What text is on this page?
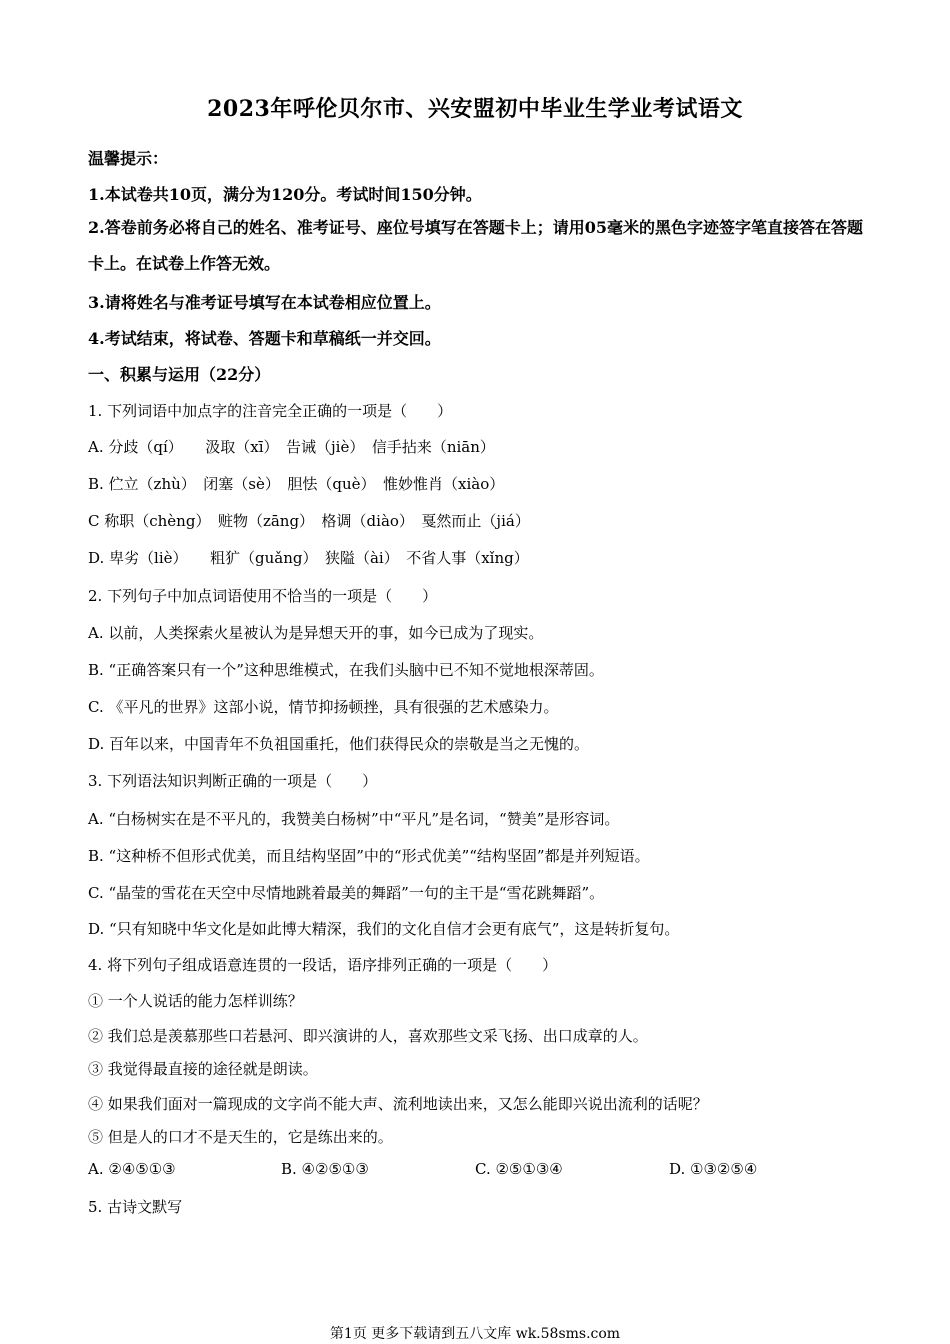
2023年呼伦贝尔市、兴安盟初中毕业生学业考试语文
温馨提示：
1.本试卷共10页，满分为120分。考试时间150分钟。
2.答卷前务必将自己的姓名、准考证号、座位号填写在答题卡上；请用05毫米的黑色字迹签字笔直接答在答题卡上。在试卷上作答无效。
3.请将姓名与准考证号填写在本试卷相应位置上。
4.考试结束，将试卷、答题卡和草稿纸一并交回。
一、积累与运用（22分）
1. 下列词语中加点字的注音完全正确的一项是（　　）
A. 分歧（qí）　　汲取（xī）　告诫（jiè）　信手拈来（niān）
B. 伫立（zhù）　闭塞（sè）　胆怯（què）　惟妙惟肖（xiào）
C 称职（chèng）　赃物（zāng）　格调（diào）　戛然而止（jiá）
D. 卑劣（liè）　　粗犷（guǎng）　狭隘（ài）　不省人事（xǐng）
2. 下列句子中加点词语使用不恰当的一项是（　　）
A. 以前，人类探索火星被认为是异想天开的事，如今已成为了现实。
B. “正确答案只有一个”这种思维模式，在我们头脑中已不知不觉地根深蒂固。
C. 《平凡的世界》这部小说，情节抑扬顿挫，具有很强的艺术感染力。
D. 百年以来，中国青年不负祖国重托，他们获得民众的崇敬是当之无愧的。
3. 下列语法知识判断正确的一项是（　　）
A. “白杨树实在是不平凡的，我赞美白杨树”中“平凡”是名词，“赞美”是形容词。
B. “这种桥不但形式优美，而且结构坚固”中的“形式优美”“结构坚固”都是并列短语。
C. “晶莹的雪花在天空中尽情地跳着最美的舞蹈”一句的主干是“雪花跳舞蹈”。
D. “只有知晓中华文化是如此博大精深，我们的文化自信才会更有底气”，这是转折复句。
4. 将下列句子组成语意连贯的一段话，语序排列正确的一项是（　　）
① 一个人说话的能力怎样训练？
② 我们总是羡慕那些口若悬河、即兴演讲的人，喜欢那些文采飞扬、出口成章的人。
③ 我觉得最直接的途径就是朗读。
④ 如果我们面对一篇现成的文字尚不能大声、流利地读出来，又怎么能即兴说出流利的话呢？
⑤ 但是人的口才不是天生的，它是练出来的。
A. ②④⑤①③	B. ④②⑤①③	C. ②⑤①③④	D. ①③②⑤④
5. 古诗文默写
第1页 更多下载请到五八文库 wk.58sms.com
